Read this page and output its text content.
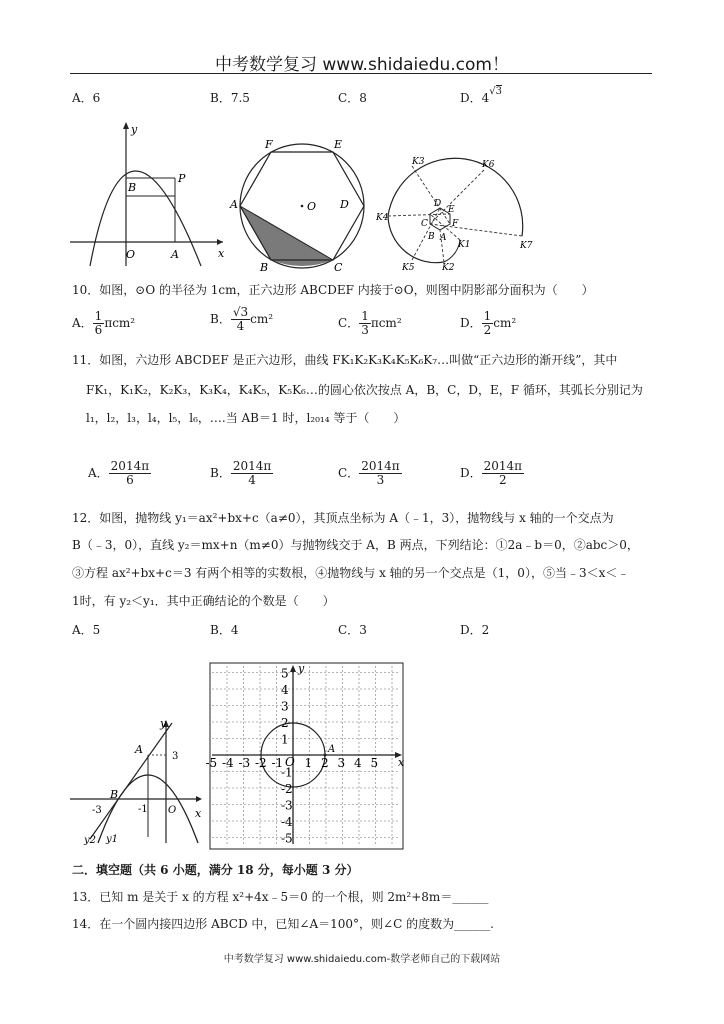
中考数学复习 www.shidaiedu.com！
A．6	B．7.5	C．8	D．$4^{√3}$
y
x
B
P
O	A
F	E
A	O D
B	C
K3	K6
K4
K7
K5	K2
K1
D
E
F
C
B A
10．如图，⊙O 的半径为 1cm，正六边形 ABCDEF 内接于⊙O，则图中阴影部分面积为（　　）
A． $\frac{1}{6} \pi cm^2$	B． $\frac{√3}{4} cm^2$	C． $\frac{1}{3} \pi cm^2$	D． $\frac{1}{2} cm^2$
11．如图，六边形 ABCDEF 是正六边形，曲线 FK₁K₂K₃K₄K₅K₆K₇…叫做“正六边形的渐开线”，其中
FK₁，K₁K₂，K₂K₃，K₃K₄，K₄K₅，K₅K₆…的圆心依次按点 A，B，C，D，E，F 循环，其弧长分别记为
l₁，l₂，l₃，l₄，l₅，l₆，….当 AB＝1 时，l₂₀₁₄ 等于（　　）
A． $\frac{2014\pi}{6}$	B． $\frac{2014\pi}{4}$	C． $\frac{2014\pi}{3}$	D． $\frac{2014\pi}{2}$
12．如图，抛物线 y₁＝ax²+bx+c（a≠0），其顶点坐标为 A（﹣1，3），抛物线与 x 轴的一个交点为
B（﹣3，0），直线 y₂＝mx+n（m≠0）与抛物线交于 A，B 两点，下列结论：①2a﹣b＝0，②abc＞0，
③方程 ax²+bx+c＝3 有两个相等的实数根，④抛物线与 x 轴的另一个交点是（1，0），⑤当﹣3＜x＜﹣
1时，有 y₂＜y₁．其中正确结论的个数是（　　）
A．5	B．4	C．3	D．2
y
A
3
B
-3	-1 O x
y2 y1
-5 -4 -3 -2 -1 1 2 3 4 5
5
4
3
2
1
-1
-2
-3
-4
-5
y
x
O
A
二．填空题（共 6 小题，满分 18 分，每小题 3 分）
13．已知 m 是关于 x 的方程 x²+4x﹣5＝0 的一个根，则 2m²+8m＝______
14．在一个圆内接四边形 ABCD 中，已知∠A＝100°，则∠C 的度数为______.
中考数学复习 www.shidaiedu.com-数学老师自己的下载网站
